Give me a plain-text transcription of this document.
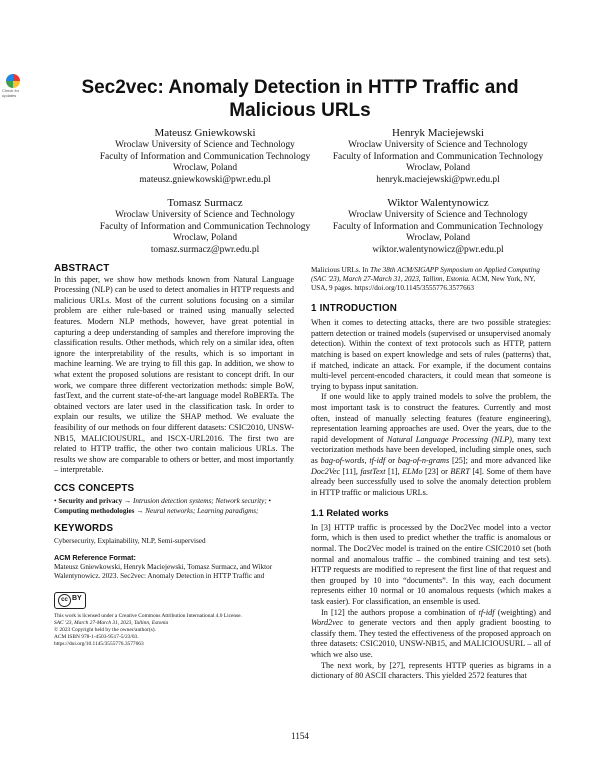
Check for updates	Sec2vec: Anomaly Detection in HTTP Traffic and Malicious URLs
Mateusz Gniewkowski
Wroclaw University of Science and Technology
Faculty of Information and Communication Technology
Wroclaw, Poland
mateusz.gniewkowski@pwr.edu.pl
Henryk Maciejewski
Wroclaw University of Science and Technology
Faculty of Information and Communication Technology
Wroclaw, Poland
henryk.maciejewski@pwr.edu.pl
Tomasz Surmacz
Wroclaw University of Science and Technology
Faculty of Information and Communication Technology
Wroclaw, Poland
tomasz.surmacz@pwr.edu.pl
Wiktor Walentynowicz
Wroclaw University of Science and Technology
Faculty of Information and Communication Technology
Wroclaw, Poland
wiktor.walentynowicz@pwr.edu.pl
ABSTRACT

In this paper, we show how methods known from Natural Language Processing (NLP) can be used to detect anomalies in HTTP requests and malicious URLs. Most of the current solutions focusing on a similar problem are either rule-based or trained using manually selected features. Modern NLP methods, however, have great potential in capturing a deep understanding of samples and therefore improving the classification results. Other methods, which rely on a similar idea, often ignore the interpretability of the results, which is so important in machine learning. We are trying to fill this gap. In addition, we show to what extent the proposed solutions are resistant to concept drift. In our work, we compare three different vectorization methods: simple BoW, fastText, and the current state-of-the-art language model RoBERTa. The obtained vectors are later used in the classification task. In order to explain our results, we utilize the SHAP method. We evaluate the feasibility of our methods on four different datasets: CSIC2010, UNSW-NB15, MALICIOUSURL, and ISCX-URL2016. The first two are related to HTTP traffic, the other two contain malicious URLs. The results we show are comparable to others or better, and most importantly – interpretable.

CCS CONCEPTS

• Security and privacy → Intrusion detection systems; Network security; • Computing methodologies → Neural networks; Learning paradigms;

KEYWORDS

Cybersecurity, Explainability, NLP, Semi-supervised

ACM Reference Format:

Mateusz Gniewkowski, Henryk Maciejewski, Tomasz Surmacz, and Wiktor Walentynowicz. 2023. Sec2vec: Anomaly Detection in HTTP Traffic and

cc BY
This work is licensed under a Creative Commons Attribution International 4.0 License.
SAC '23, March 27-March 31, 2023, Tallinn, Estonia
© 2023 Copyright held by the owner/author(s).
ACM ISBN 978-1-4503-9517-5/23/03.
https://doi.org/10.1145/3555776.3577663

Malicious URLs. In The 38th ACM/SIGAPP Symposium on Applied Computing (SAC '23), March 27-March 31, 2023, Tallinn, Estonia. ACM, New York, NY, USA, 9 pages. https://doi.org/10.1145/3555776.3577663

1 INTRODUCTION

When it comes to detecting attacks, there are two possible strategies: pattern detection or trained models (supervised or unsupervised anomaly detection). Within the context of text protocols such as HTTP, pattern matching is based on expert knowledge and sets of rules (patterns) that, if matched, indicate an attack. For example, if the document contains multi-level percent-encoded characters, it could mean that someone is trying to bypass input sanitation.

If one would like to apply trained models to solve the problem, the most important task is to construct the features. Currently and most often, instead of manually selecting features (feature engineering), representation learning approaches are used. Over the years, due to the rapid development of Natural Language Processing (NLP), many text vectorization methods have been developed, including simple ones, such as bag-of-words, tf-idf or bag-of-n-grams [25]; and more advanced like Doc2Vec [11], fastText [1], ELMo [23] or BERT [4]. Some of them have already been successfully used to solve the anomaly detection problem in HTTP traffic or malicious URLs.

1.1 Related works

In [3] HTTP traffic is processed by the Doc2Vec model into a vector form, which is then used to predict whether the traffic is anomalous or normal. The Doc2Vec model is trained on the entire CSIC2010 set (both normal and anomalous traffic – the combined training and test sets). HTTP requests are modified to represent the first line of that request and then grouped by 10 into “documents”. In this way, each document represents either 10 normal or 10 anomalous requests (which makes a task easier). For classification, an ensemble is used.

In [12] the authors propose a combination of tf-idf (weighting) and Word2vec to generate vectors and then apply gradient boosting to classify them. They tested the effectiveness of the proposed approach on three datasets: CSIC2010, UNSW-NB15, and MALICIOUSURL – all of which we also use.

The next work, by [27], represents HTTP queries as bigrams in a dictionary of 80 ASCII characters. This yielded 2572 features that

1154
